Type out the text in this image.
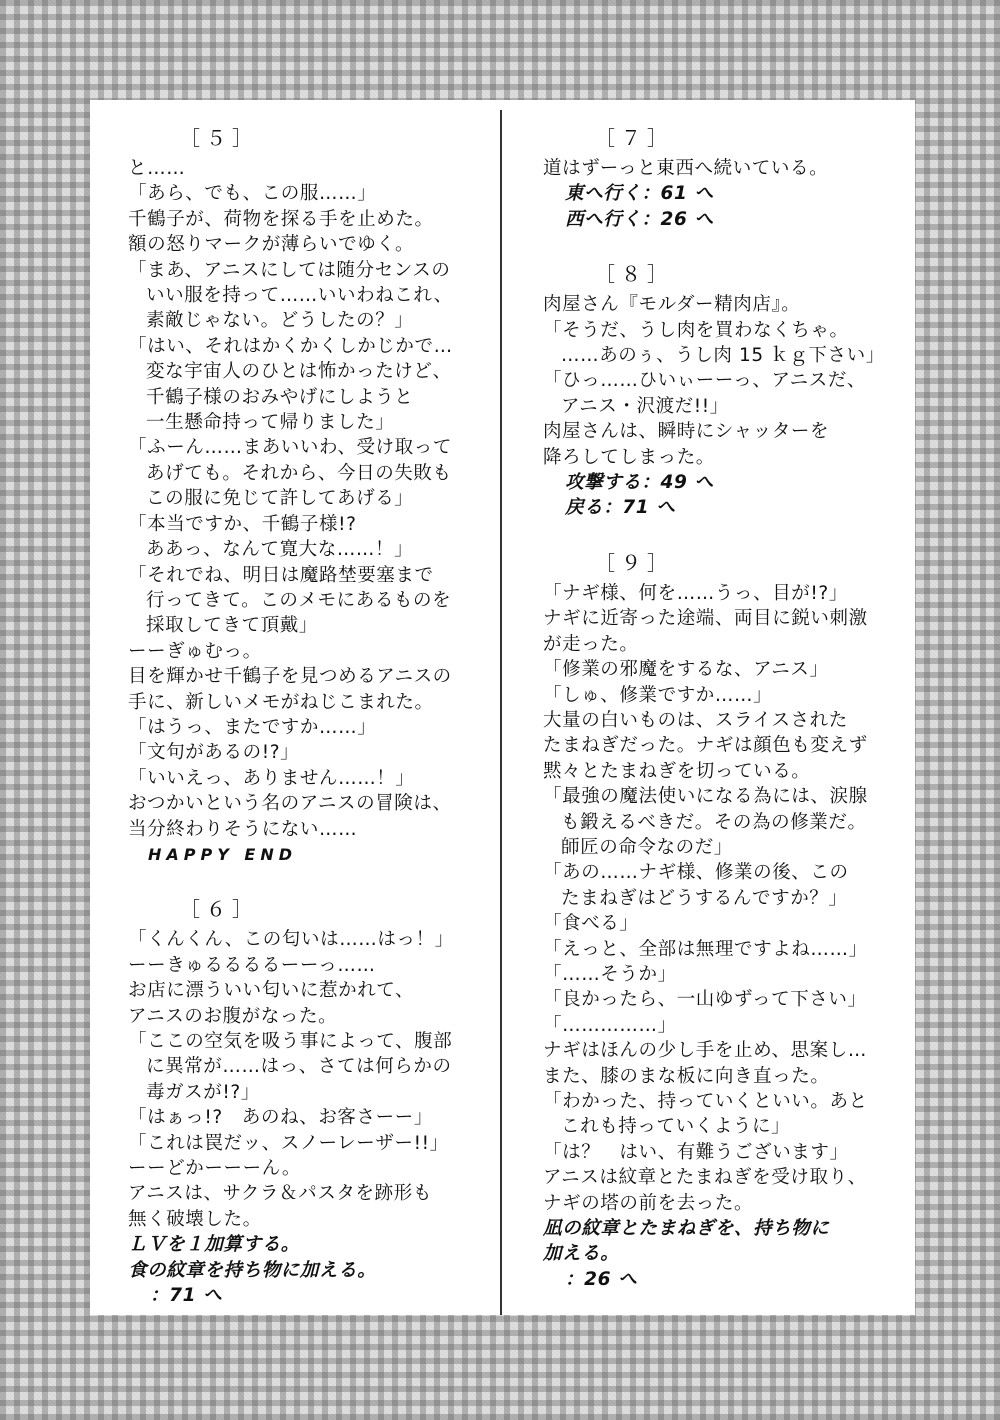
［５］
と……
「あら、でも、この服……」
千鶴子が、荷物を探る手を止めた。
額の怒りマークが薄らいでゆく。
「まあ、アニスにしては随分センスの
いい服を持って……いいわねこれ、
素敵じゃない。どうしたの？」
「はい、それはかくかくしかじかで…
変な宇宙人のひとは怖かったけど、
千鶴子様のおみやげにしようと
一生懸命持って帰りました」
「ふーん……まあいいわ、受け取って
あげても。それから、今日の失敗も
この服に免じて許してあげる」
「本当ですか、千鶴子様!?
ああっ、なんて寛大な……！」
「それでね、明日は魔路埜要塞まで
行ってきて。このメモにあるものを
採取してきて頂戴」
ーーぎゅむっ。
目を輝かせ千鶴子を見つめるアニスの
手に、新しいメモがねじこまれた。
「はうっ、またですか……」
「文句があるの!?」
「いいえっ、ありません……！」
おつかいという名のアニスの冒険は、
当分終わりそうにない……
HAPPY END
［６］
「くんくん、この匂いは……はっ！」
ーーきゅるるるるーーっ……
お店に漂ういい匂いに惹かれて、
アニスのお腹がなった。
「ここの空気を吸う事によって、腹部
に異常が……はっ、さては何らかの
毒ガスが!?」
「はぁっ!?　あのね、お客さーー」
「これは罠だッ、スノーレーザー!!」
ーーどかーーーん。
アニスは、サクラ＆パスタを跡形も
無く破壊した。
ＬＶを１加算する。
食の紋章を持ち物に加える。
：71 へ
［７］
道はずーっと東西へ続いている。
東へ行く：61 へ
西へ行く：26 へ
［８］
肉屋さん『モルダー精肉店』。
「そうだ、うし肉を買わなくちゃ。
……あのぅ、うし肉 15 ｋｇ下さい」
「ひっ……ひいぃーーっ、アニスだ、
アニス・沢渡だ!!」
肉屋さんは、瞬時にシャッターを
降ろしてしまった。
攻撃する：49 へ
戻る：71 へ
［９］
「ナギ様、何を……うっ、目が!?」
ナギに近寄った途端、両目に鋭い刺激
が走った。
「修業の邪魔をするな、アニス」
「しゅ、修業ですか……」
大量の白いものは、スライスされた
たまねぎだった。ナギは顔色も変えず
黙々とたまねぎを切っている。
「最強の魔法使いになる為には、涙腺
も鍛えるべきだ。その為の修業だ。
師匠の命令なのだ」
「あの……ナギ様、修業の後、この
たまねぎはどうするんですか？」
「食べる」
「えっと、全部は無理ですよね……」
「……そうか」
「良かったら、一山ゆずって下さい」
「……………」
ナギはほんの少し手を止め、思案し…
また、膝のまな板に向き直った。
「わかった、持っていくといい。あと
これも持っていくように」
「は？　はい、有難うございます」
アニスは紋章とたまねぎを受け取り、
ナギの塔の前を去った。
凪の紋章とたまねぎを、持ち物に
加える。
：26 へ
